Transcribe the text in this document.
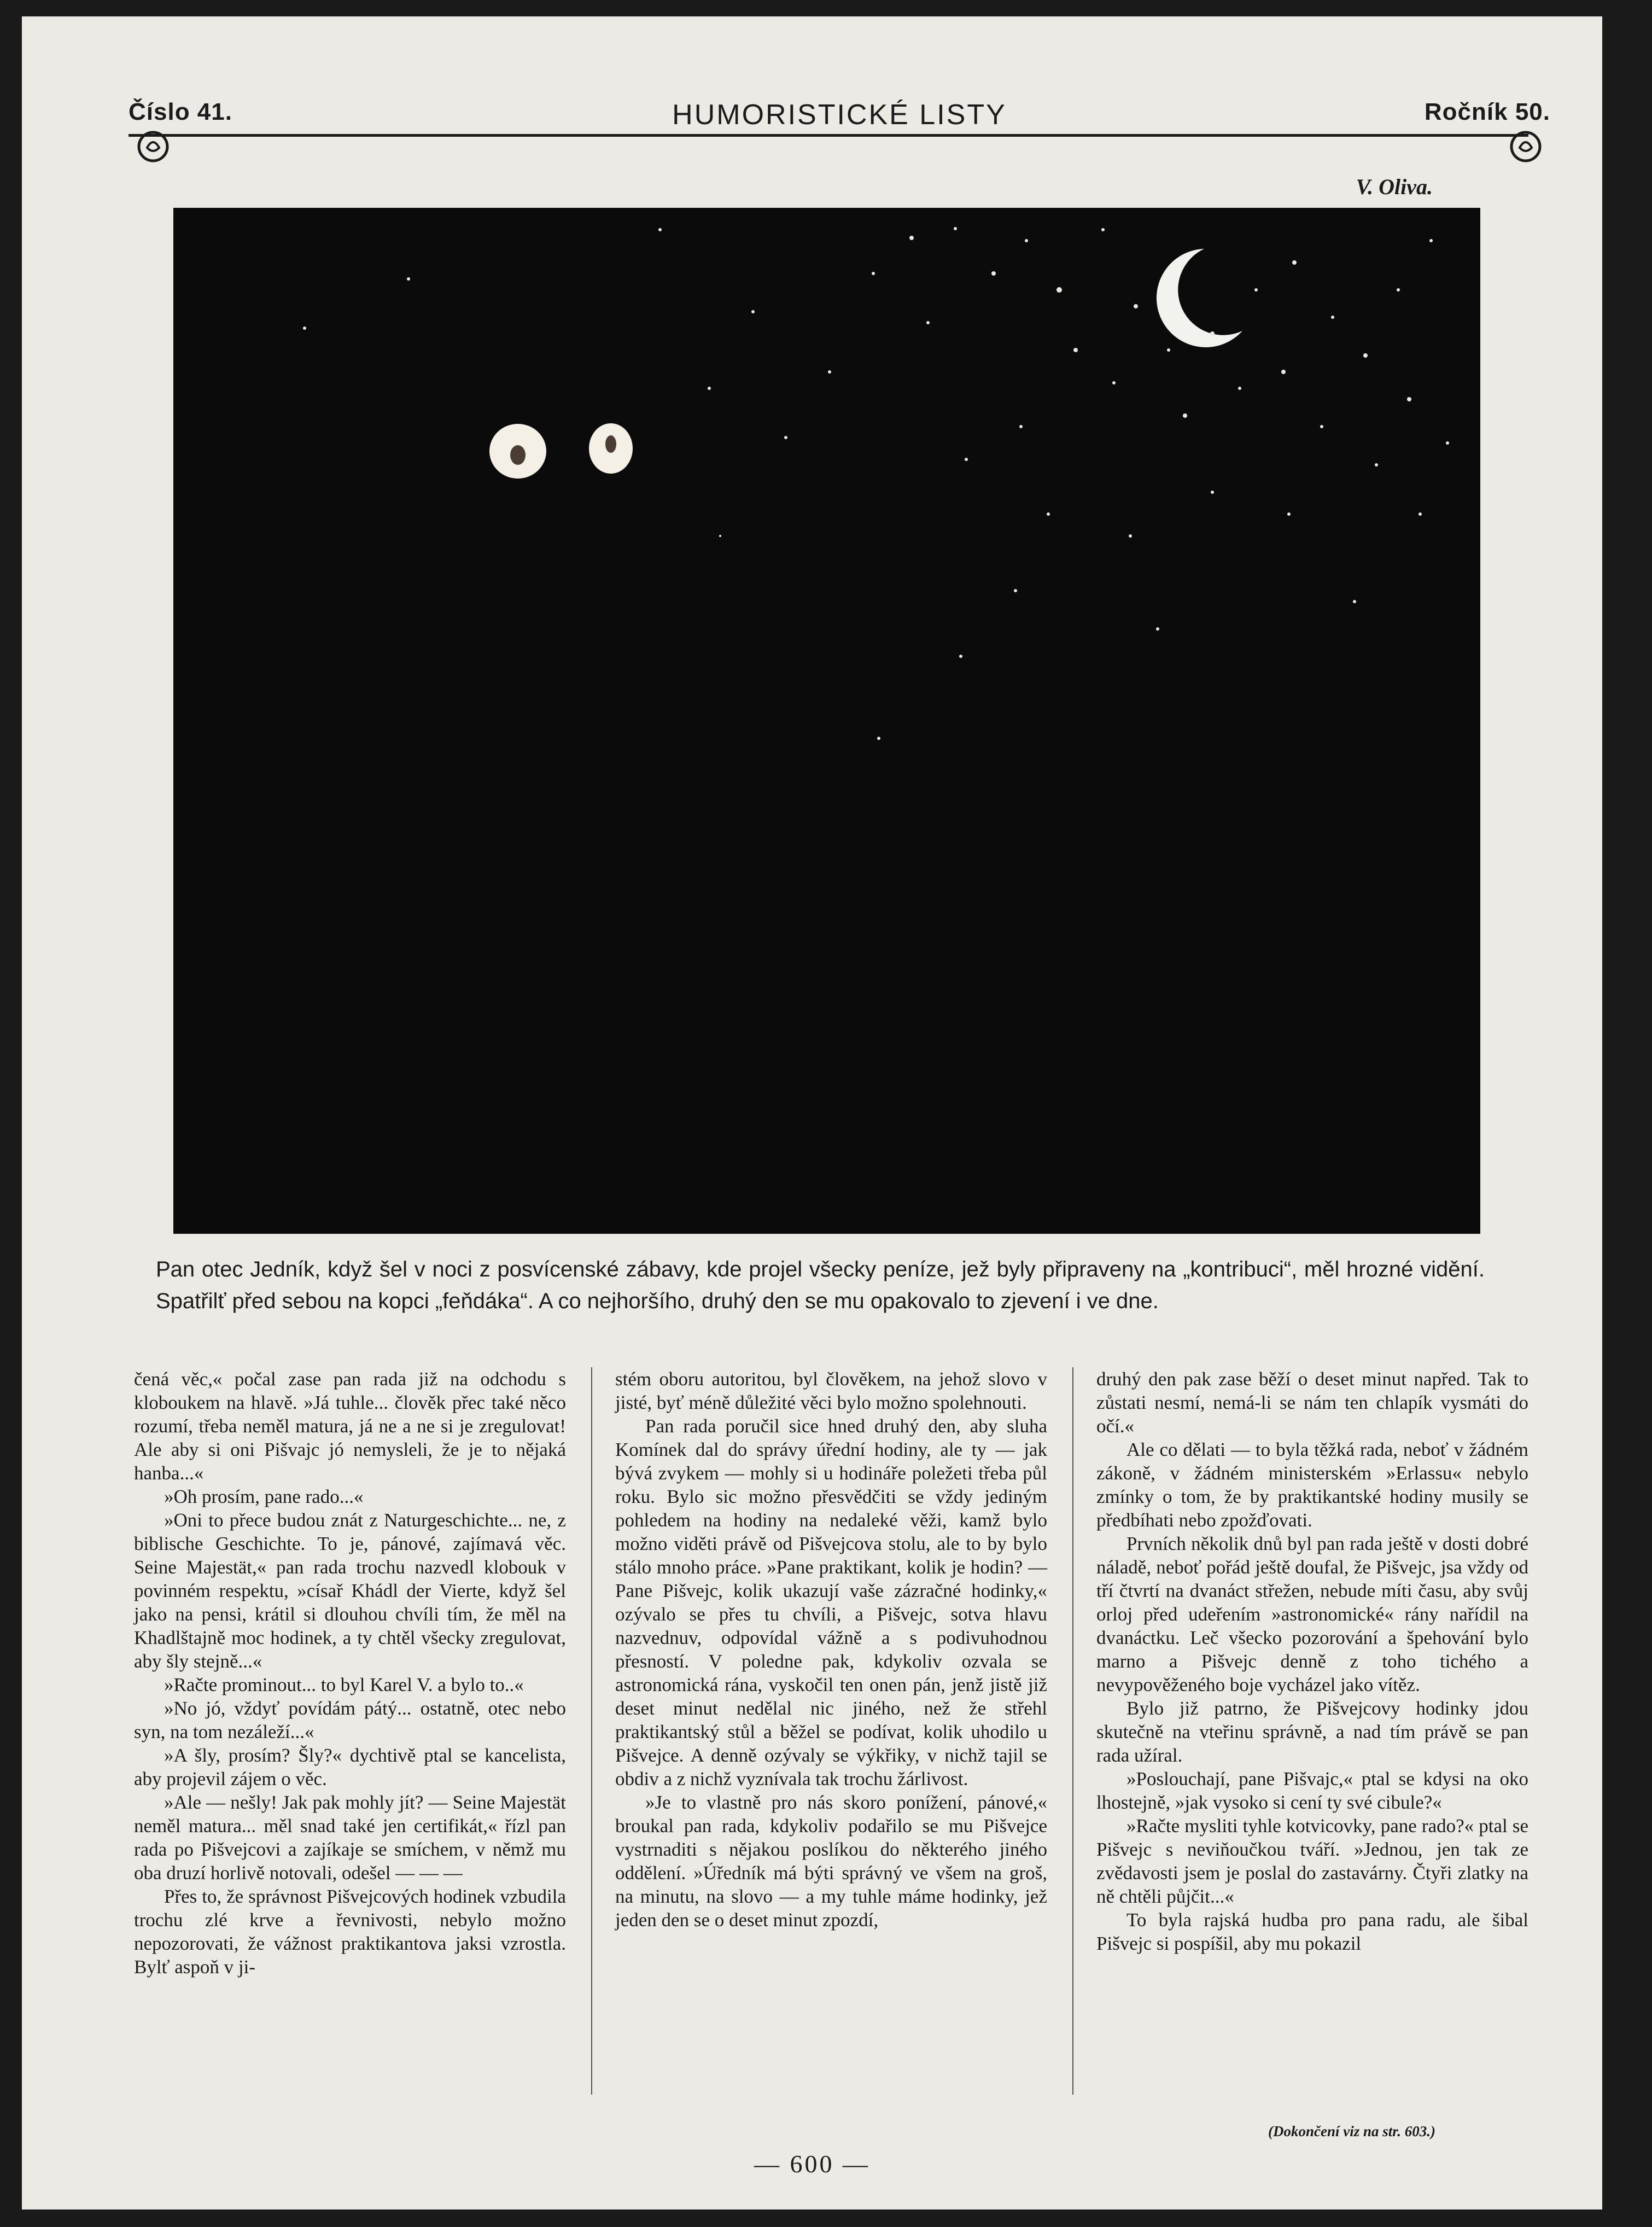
Číslo 41.	HUMORISTICKÉ LISTY	Ročník 50.
V. Oliva.
Pan otec Jedník, když šel v noci z posvícenské zábavy, kde projel všecky peníze, jež byly připraveny na „kontribuci“, měl hrozné vidění. Spatřilť před sebou na kopci „feňdáka“. A co nejhoršího, druhý den se mu opakovalo to zjevení i ve dne.

čená věc,« počal zase pan rada již na odchodu s kloboukem na hlavě. »Já tuhle... člověk přec také něco rozumí, třeba neměl matura, já ne a ne si je zregulovat! Ale aby si oni Pišvajc jó nemysleli, že je to nějaká hanba...«

»Oh prosím, pane rado...«

»Oni to přece budou znát z Naturgeschichte... ne, z biblische Geschichte. To je, pánové, zajímavá věc. Seine Majestät,« pan rada trochu nazvedl klobouk v povinném respektu, »císař Khádl der Vierte, když šel jako na pensi, krátil si dlouhou chvíli tím, že měl na Khadlštajně moc hodinek, a ty chtěl všecky zregulovat, aby šly stejně...«

»Račte prominout... to byl Karel V. a bylo to..«

»No jó, vždyť povídám pátý... ostatně, otec nebo syn, na tom nezáleží...«

»A šly, prosím? Šly?« dychtivě ptal se kancelista, aby projevil zájem o věc.

»Ale — nešly! Jak pak mohly jít? — Seine Majestät neměl matura... měl snad také jen certifikát,« řízl pan rada po Pišvejcovi a zajíkaje se smíchem, v němž mu oba druzí horlivě notovali, odešel — — —

Přes to, že správnost Pišvejcových hodinek vzbudila trochu zlé krve a řevnivosti, nebylo možno nepozorovati, že vážnost praktikantova jaksi vzrostla. Bylť aspoň v ji-

stém oboru autoritou, byl člověkem, na jehož slovo v jisté, byť méně důležité věci bylo možno spolehnouti.

Pan rada poručil sice hned druhý den, aby sluha Komínek dal do správy úřední hodiny, ale ty — jak bývá zvykem — mohly si u hodináře poležeti třeba půl roku. Bylo sic možno přesvědčiti se vždy jediným pohledem na hodiny na nedaleké věži, kamž bylo možno viděti právě od Pišvejcova stolu, ale to by bylo stálo mnoho práce. »Pane praktikant, kolik je hodin? — Pane Pišvejc, kolik ukazují vaše zázračné hodinky,« ozývalo se přes tu chvíli, a Pišvejc, sotva hlavu nazvednuv, odpovídal vážně a s podivuhodnou přesností. V poledne pak, kdykoliv ozvala se astronomická rána, vyskočil ten onen pán, jenž jistě již deset minut nedělal nic jiného, než že střehl praktikantský stůl a běžel se podívat, kolik uhodilo u Pišvejce. A denně ozývaly se výkřiky, v nichž tajil se obdiv a z nichž vyznívala tak trochu žárlivost.

»Je to vlastně pro nás skoro ponížení, pánové,« broukal pan rada, kdykoliv podařilo se mu Pišvejce vystrnaditi s nějakou poslíkou do některého jiného oddělení. »Úředník má býti správný ve všem na groš, na minutu, na slovo — a my tuhle máme hodinky, jež jeden den se o deset minut zpozdí,

druhý den pak zase běží o deset minut napřed. Tak to zůstati nesmí, nemá-li se nám ten chlapík vysmáti do očí.«

Ale co dělati — to byla těžká rada, neboť v žádném zákoně, v žádném ministerském »Erlassu« nebylo zmínky o tom, že by praktikantské hodiny musily se předbíhati nebo zpožďovati.

Prvních několik dnů byl pan rada ještě v dosti dobré náladě, neboť pořád ještě doufal, že Pišvejc, jsa vždy od tří čtvrtí na dvanáct střežen, nebude míti času, aby svůj orloj před udeřením »astronomické« rány nařídil na dvanáctku. Leč všecko pozorování a špehování bylo marno a Pišvejc denně z toho tichého a nevypověženého boje vycházel jako vítěz.

Bylo již patrno, že Pišvejcovy hodinky jdou skutečně na vteřinu správně, a nad tím právě se pan rada užíral.

»Poslouchají, pane Pišvajc,« ptal se kdysi na oko lhostejně, »jak vysoko si cení ty své cibule?«

»Račte mysliti tyhle kotvicovky, pane rado?« ptal se Pišvejc s neviňoučkou tváří. »Jednou, jen tak ze zvědavosti jsem je poslal do zastavárny. Čtyři zlatky na ně chtěli půjčit...«

To byla rajská hudba pro pana radu, ale šibal Pišvejc si pospíšil, aby mu pokazil

(Dokončení viz na str. 603.)
— 600 —
